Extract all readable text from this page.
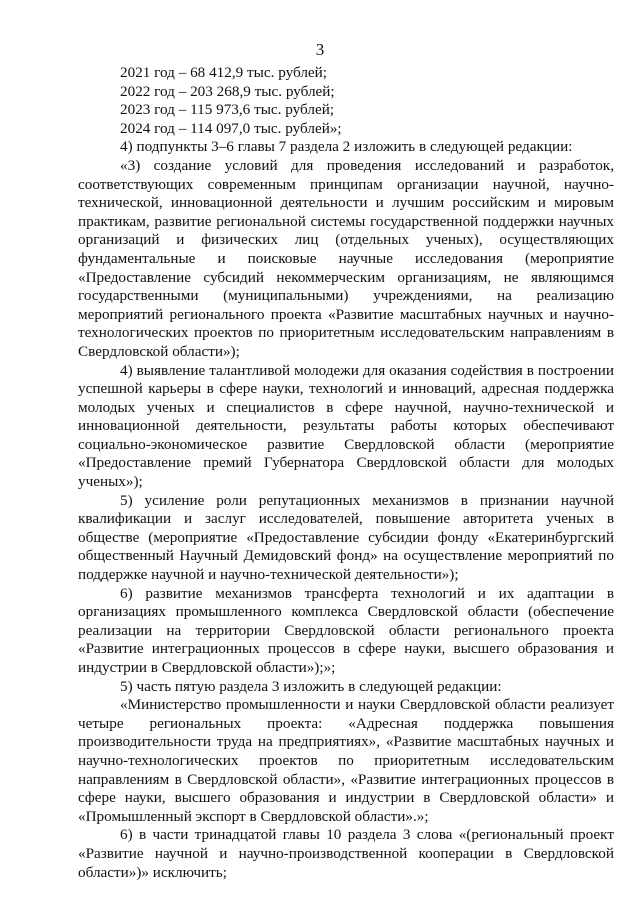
3

2021 год – 68 412,9 тыс. рублей;

2022 год – 203 268,9 тыс. рублей;

2023 год – 115 973,6 тыс. рублей;

2024 год – 114 097,0 тыс. рублей»;

4) подпункты 3–6 главы 7 раздела 2 изложить в следующей редакции:

«3) создание условий для проведения исследований и разработок, соответствующих современным принципам организации научной, научно-технической, инновационной деятельности и лучшим российским и мировым практикам, развитие региональной системы государственной поддержки научных организаций и физических лиц (отдельных ученых), осуществляющих фундаментальные и поисковые научные исследования (мероприятие «Предоставление субсидий некоммерческим организациям, не являющимся государственными (муниципальными) учреждениями, на реализацию мероприятий регионального проекта «Развитие масштабных научных и научно-технологических проектов по приоритетным исследовательским направлениям в Свердловской области»);

4) выявление талантливой молодежи для оказания содействия в построении успешной карьеры в сфере науки, технологий и инноваций, адресная поддержка молодых ученых и специалистов в сфере научной, научно-технической и инновационной деятельности, результаты работы которых обеспечивают социально-экономическое развитие Свердловской области (мероприятие «Предоставление премий Губернатора Свердловской области для молодых ученых»);

5) усиление роли репутационных механизмов в признании научной квалификации и заслуг исследователей, повышение авторитета ученых в обществе (мероприятие «Предоставление субсидии фонду «Екатеринбургский общественный Научный Демидовский фонд» на осуществление мероприятий по поддержке научной и научно-технической деятельности»);

6) развитие механизмов трансферта технологий и их адаптации в организациях промышленного комплекса Свердловской области (обеспечение реализации на территории Свердловской области регионального проекта «Развитие интеграционных процессов в сфере науки, высшего образования и индустрии в Свердловской области»);»;

5) часть пятую раздела 3 изложить в следующей редакции:

«Министерство промышленности и науки Свердловской области реализует четыре региональных проекта: «Адресная поддержка повышения производительности труда на предприятиях», «Развитие масштабных научных и научно-технологических проектов по приоритетным исследовательским направлениям в Свердловской области», «Развитие интеграционных процессов в сфере науки, высшего образования и индустрии в Свердловской области» и «Промышленный экспорт в Свердловской области».»;

6) в части тринадцатой главы 10 раздела 3 слова «(региональный проект «Развитие научной и научно-производственной кооперации в Свердловской области»)» исключить;
